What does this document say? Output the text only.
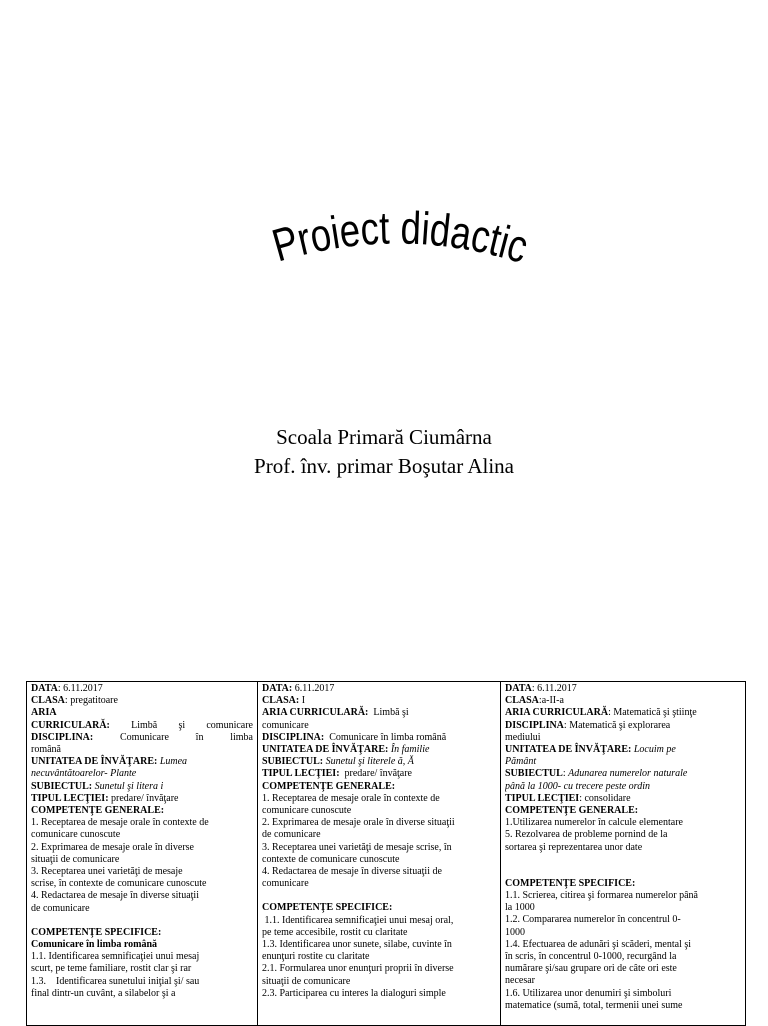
Proiect didactic
Scoala Primară Ciumârna
Prof. înv. primar Boşutar Alina
DATA: 6.11.2017
CLASA: pregatitoare
ARIA
CURRICULARĂ: Limbă şi comunicare
DISCIPLINA:	Comunicare în limba
română
UNITATEA DE ÎNVĂŢARE: Lumea
necuvântătoarelor- Plante
SUBIECTUL: Sunetul şi litera i
TIPUL LECŢIEI: predare/ învăţare
COMPETENŢE GENERALE:
1. Receptarea de mesaje orale în contexte de
comunicare cunoscute
2. Exprimarea de mesaje orale în diverse
situaţii de comunicare
3. Receptarea unei varietăţi de mesaje
scrise, în contexte de comunicare cunoscute
4. Redactarea de mesaje în diverse situaţii
de comunicare
COMPETENŢE SPECIFICE:
Comunicare în limba română
1.1. Identificarea semnificaţiei unui mesaj
scurt, pe teme familiare, rostit clar şi rar
1.3.    Identificarea sunetului iniţial şi/ sau
final dintr-un cuvânt, a silabelor şi a

DATA: 6.11.2017
CLASA: I
ARIA CURRICULARĂ: Limbă şi
comunicare
DISCIPLINA: Comunicare în limba română
UNITATEA DE ÎNVĂŢARE: În familie
SUBIECTUL: Sunetul şi literele ă, Ă
TIPUL LECŢIEI: predare/ învăţare
COMPETENŢE GENERALE:
1. Receptarea de mesaje orale în contexte de
comunicare cunoscute
2. Exprimarea de mesaje orale în diverse situaţii
de comunicare
3. Receptarea unei varietăţi de mesaje scrise, în
contexte de comunicare cunoscute
4. Redactarea de mesaje în diverse situaţii de
comunicare
COMPETENŢE SPECIFICE:
1.1. Identificarea semnificaţiei unui mesaj oral,
pe teme accesibile, rostit cu claritate
1.3. Identificarea unor sunete, silabe, cuvinte în
enunţuri rostite cu claritate
2.1. Formularea unor enunţuri proprii în diverse
situaţii de comunicare
2.3. Participarea cu interes la dialoguri simple

DATA: 6.11.2017
CLASA:a-II-a
ARIA CURRICULARĂ: Matematică şi ştiinţe
DISCIPLINA: Matematică şi explorarea
mediului
UNITATEA DE ÎNVĂŢARE: Locuim pe
Pământ
SUBIECTUL: Adunarea numerelor naturale
până la 1000- cu trecere peste ordin
TIPUL LECŢIEI: consolidare
COMPETENŢE GENERALE:
1.Utilizarea numerelor în calcule elementare
5. Rezolvarea de probleme pornind de la
sortarea şi reprezentarea unor date
COMPETENŢE SPECIFICE:
1.1. Scrierea, citirea şi formarea numerelor până
la 1000
1.2. Compararea numerelor în concentrul 0-
1000
1.4. Efectuarea de adunări şi scăderi, mental şi
în scris, în concentrul 0-1000, recurgând la
numărare şi/sau grupare ori de câte ori este
necesar
1.6. Utilizarea unor denumiri şi simboluri
matematice (sumă, total, termenii unei sume
